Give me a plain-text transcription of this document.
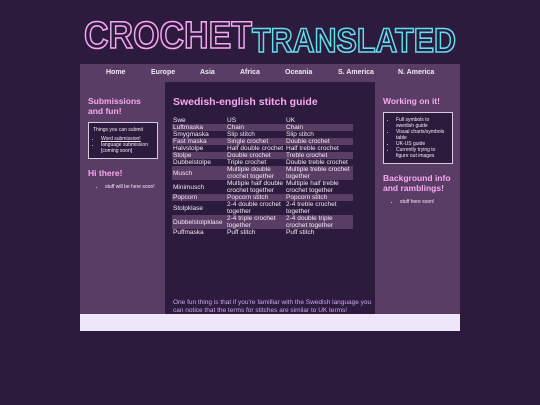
CROCHET TRANSLATED
Home	Europe	Asia	Africa	Oceania	S. America	N. America
Submissions and fun!
Things you can submit
• Word submission!
• language submission [coming soon]
Hi there!
• stuff will be here soon!
Swedish-english stitch guide
Swe	US	UK
Luftmaska	Chain	Chain
Smygmaska	Slip stitch	Slip stitch
Fast maska	Single crochet	Double crochet
Halvstolpe	Half double crochet	Half treble crochet
Stolpe	Double crochet	Treble crochet
Dubbelstolpe	Triple crochet	Double treble crochet
Musch	Multiple double crochet together	Multiple treble crochet together
Minimusch	Multiple half double crochet together	Multiple half treble crochet together
Popcorn	Popcorn stitch	Popcorn stitch
Stolpklase	2-4 double crochet together	2-4 treble crochet together
Dubbelstolpklase	2-4 triple crochet together	2-4 double triple crochet together
Puffmaska	Puff stitch	Puff stitch

One fun thing is that if you're familliar with the Swedish language you can notice that the terms for stitches are similar to UK terms!

Working on it!
• Full symbols to swedish guide
• Visual charts/symbols table
• UK-US guide
• Currently trying to figure out images
Background info and ramblings!
• stuff here soon!
